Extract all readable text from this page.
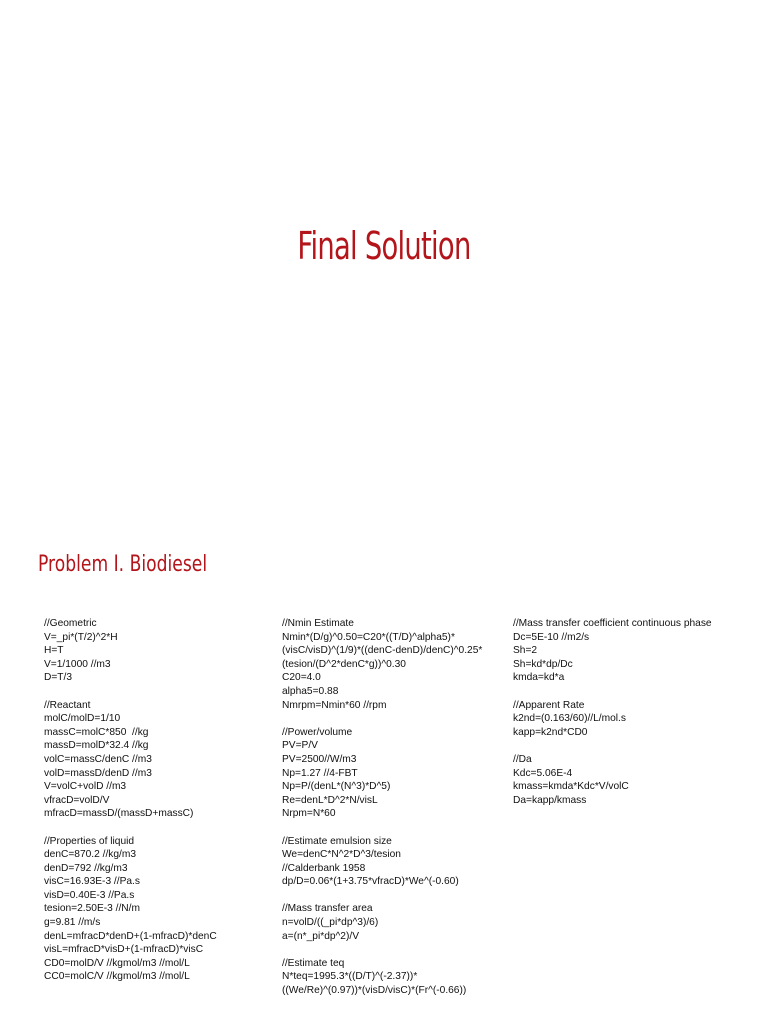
Final Solution
Problem I. Biodiesel
//Geometric
V=_pi*(T/2)^2*H
H=T
V=1/1000 //m3
D=T/3
//Reactant
molC/molD=1/10
massC=molC*850  //kg
massD=molD*32.4 //kg
volC=massC/denC //m3
volD=massD/denD //m3
V=volC+volD //m3
vfracD=volD/V
mfracD=massD/(massD+massC)
//Properties of liquid
denC=870.2 //kg/m3
denD=792 //kg/m3
visC=16.93E-3 //Pa.s
visD=0.40E-3 //Pa.s
tesion=2.50E-3 //N/m
g=9.81 //m/s
denL=mfracD*denD+(1-mfracD)*denC
visL=mfracD*visD+(1-mfracD)*visC
CD0=molD/V //kgmol/m3 //mol/L
CC0=molC/V //kgmol/m3 //mol/L
//Nmin Estimate
Nmin*(D/g)^0.50=C20*((T/D)^alpha5)*(visC/visD)^(1/9)*((denC-denD)/denC)^0.25*(tesion/(D^2*denC*g))^0.30
C20=4.0
alpha5=0.88
Nmrpm=Nmin*60 //rpm
//Power/volume
PV=P/V
PV=2500//W/m3
Np=1.27 //4-FBT
Np=P/(denL*(N^3)*D^5)
Re=denL*D^2*N/visL
Nrpm=N*60
//Estimate emulsion size
We=denC*N^2*D^3/tesion
//Calderbank 1958
dp/D=0.06*(1+3.75*vfracD)*We^(-0.60)
//Mass transfer area
n=volD/((_pi*dp^3)/6)
a=(n*_pi*dp^2)/V
//Estimate teq
N*teq=1995.3*((D/T)^(-2.37))*((We/Re)^(0.97))*(visD/visC)*(Fr^(-0.66))
//Mass transfer coefficient continuous phase
Dc=5E-10 //m2/s
Sh=2
Sh=kd*dp/Dc
kmda=kd*a
//Apparent Rate
k2nd=(0.163/60)//L/mol.s
kapp=k2nd*CD0
//Da
Kdc=5.06E-4
kmass=kmda*Kdc*V/volC
Da=kapp/kmass
